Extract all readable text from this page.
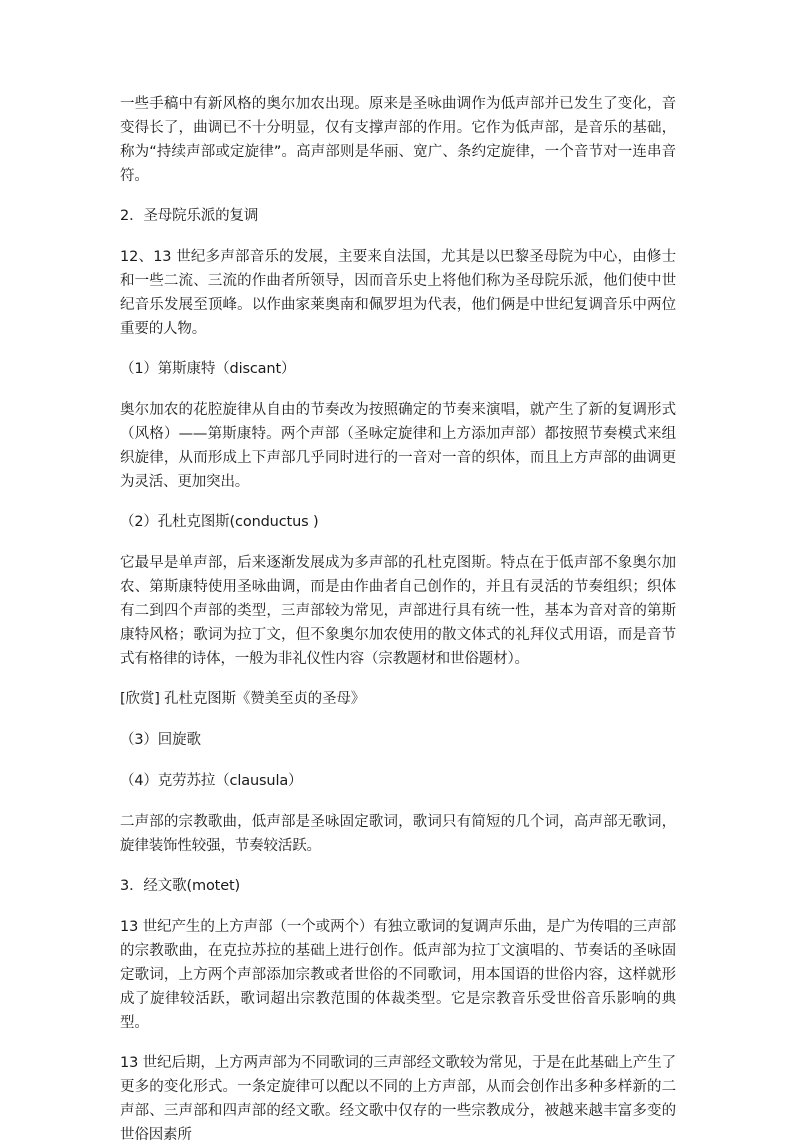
一些手稿中有新风格的奥尔加农出现。原来是圣咏曲调作为低声部并已发生了变化，音变得长了，曲调已不十分明显，仅有支撑声部的作用。它作为低声部，是音乐的基础，称为“持续声部或定旋律”。高声部则是华丽、宽广、条约定旋律，一个音节对一连串音符。

2．圣母院乐派的复调

12、13 世纪多声部音乐的发展，主要来自法国，尤其是以巴黎圣母院为中心，由修士和一些二流、三流的作曲者所领导，因而音乐史上将他们称为圣母院乐派，他们使中世纪音乐发展至顶峰。以作曲家莱奥南和佩罗坦为代表，他们俩是中世纪复调音乐中两位重要的人物。

（1）第斯康特（discant）

奥尔加农的花腔旋律从自由的节奏改为按照确定的节奏来演唱，就产生了新的复调形式（风格）——第斯康特。两个声部（圣咏定旋律和上方添加声部）都按照节奏模式来组织旋律，从而形成上下声部几乎同时进行的一音对一音的织体，而且上方声部的曲调更为灵活、更加突出。

（2）孔杜克图斯(conductus )

它最早是单声部，后来逐渐发展成为多声部的孔杜克图斯。特点在于低声部不象奥尔加农、第斯康特使用圣咏曲调，而是由作曲者自己创作的，并且有灵活的节奏组织；织体有二到四个声部的类型，三声部较为常见，声部进行具有统一性，基本为音对音的第斯康特风格；歌词为拉丁文，但不象奥尔加农使用的散文体式的礼拜仪式用语，而是音节式有格律的诗体，一般为非礼仪性内容（宗教题材和世俗题材）。

[欣赏] 孔杜克图斯《赞美至贞的圣母》

（3）回旋歌

（4）克劳苏拉（clausula）

二声部的宗教歌曲，低声部是圣咏固定歌词，歌词只有简短的几个词，高声部无歌词，旋律装饰性较强，节奏较活跃。

3．经文歌(motet)

13 世纪产生的上方声部（一个或两个）有独立歌词的复调声乐曲，是广为传唱的三声部的宗教歌曲，在克拉苏拉的基础上进行创作。低声部为拉丁文演唱的、节奏话的圣咏固定歌词，上方两个声部添加宗教或者世俗的不同歌词，用本国语的世俗内容，这样就形成了旋律较活跃，歌词超出宗教范围的体裁类型。它是宗教音乐受世俗音乐影响的典型。

13 世纪后期，上方两声部为不同歌词的三声部经文歌较为常见，于是在此基础上产生了更多的变化形式。一条定旋律可以配以不同的上方声部，从而会创作出多种多样新的二声部、三声部和四声部的经文歌。经文歌中仅存的一些宗教成分，被越来越丰富多变的世俗因素所
